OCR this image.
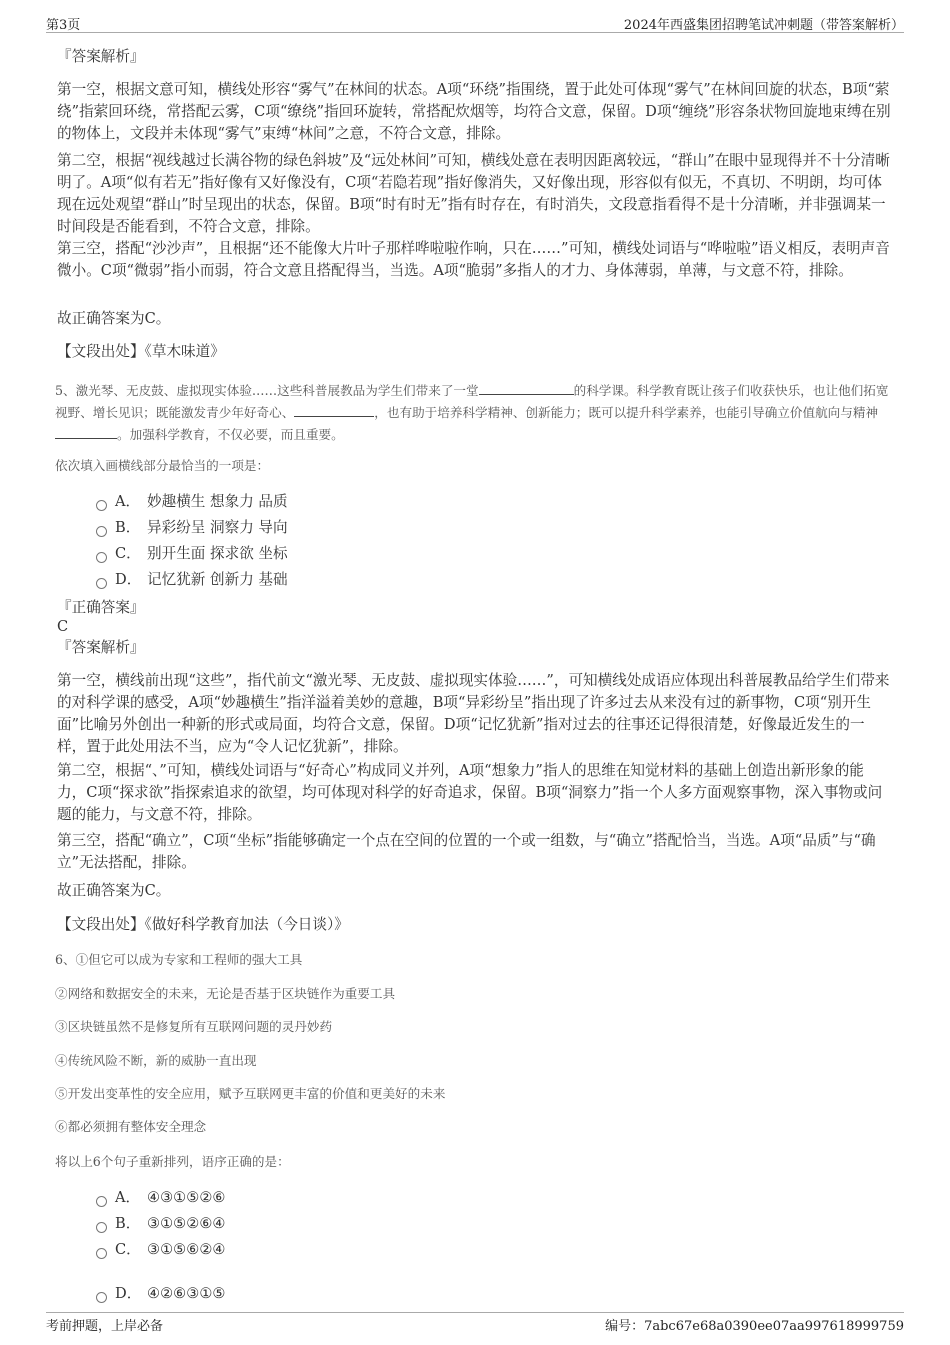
第3页	2024年西盛集团招聘笔试冲刺题（带答案解析）
『答案解析』
第一空，根据文意可知，横线处形容“雾气”在林间的状态。A项“环绕”指围绕，置于此处可体现“雾气”在林间回旋的状态，B项“萦绕”指萦回环绕，常搭配云雾，C项“缭绕”指回环旋转，常搭配炊烟等，均符合文意，保留。D项“缠绕”形容条状物回旋地束缚在别的物体上，文段并未体现“雾气”束缚“林间”之意，不符合文意，排除。
第二空，根据“视线越过长满谷物的绿色斜坡”及“远处林间”可知，横线处意在表明因距离较远，“群山”在眼中显现得并不十分清晰明了。A项“似有若无”指好像有又好像没有，C项“若隐若现”指好像消失，又好像出现，形容似有似无，不真切、不明朗，均可体现在远处观望“群山”时呈现出的状态，保留。B项“时有时无”指有时存在，有时消失，文段意指看得不是十分清晰，并非强调某一时间段是否能看到，不符合文意，排除。
第三空，搭配“沙沙声”，且根据“还不能像大片叶子那样哗啦啦作响，只在……”可知，横线处词语与“哗啦啦”语义相反，表明声音微小。C项“微弱”指小而弱，符合文意且搭配得当，当选。A项“脆弱”多指人的才力、身体薄弱，单薄，与文意不符，排除。
故正确答案为C。
【文段出处】《草木味道》
5、激光琴、无皮鼓、虚拟现实体验……这些科普展教品为学生们带来了一堂	的科学课。科学教育既让孩子们收获快乐，也让他们拓宽视野、增长见识；既能激发青少年好奇心、	，也有助于培养科学精神、创新能力；既可以提升科学素养，也能引导确立价值航向与精神。加强科学教育，不仅必要，而且重要。
依次填入画横线部分最恰当的一项是：
A． 妙趣横生 想象力 品质
B． 异彩纷呈 洞察力 导向
C． 别开生面 探求欲 坐标
D． 记忆犹新 创新力 基础
『正确答案』
C
『答案解析』
第一空，横线前出现“这些”，指代前文“激光琴、无皮鼓、虚拟现实体验……”，可知横线处成语应体现出科普展教品给学生们带来的对科学课的感受，A项“妙趣横生”指洋溢着美妙的意趣，B项“异彩纷呈”指出现了许多过去从来没有过的新事物，C项“别开生面”比喻另外创出一种新的形式或局面，均符合文意，保留。D项“记忆犹新”指对过去的往事还记得很清楚，好像最近发生的一样，置于此处用法不当，应为“令人记忆犹新”，排除。
第二空，根据“、”可知，横线处词语与“好奇心”构成同义并列，A项“想象力”指人的思维在知觉材料的基础上创造出新形象的能力，C项“探求欲”指探索追求的欲望，均可体现对科学的好奇追求，保留。B项“洞察力”指一个人多方面观察事物，深入事物或问题的能力，与文意不符，排除。
第三空，搭配“确立”，C项“坐标”指能够确定一个点在空间的位置的一个或一组数，与“确立”搭配恰当，当选。A项“品质”与“确立”无法搭配，排除。
故正确答案为C。
【文段出处】《做好科学教育加法（今日谈）》
6、①但它可以成为专家和工程师的强大工具
②网络和数据安全的未来，无论是否基于区块链作为重要工具
③区块链虽然不是修复所有互联网问题的灵丹妙药
④传统风险不断，新的威胁一直出现
⑤开发出变革性的安全应用，赋予互联网更丰富的价值和更美好的未来
⑥都必须拥有整体安全理念
将以上6个句子重新排列，语序正确的是：
A． ④③①⑤②⑥
B． ③①⑤②⑥④
C． ③①⑤⑥②④
D． ④②⑥③①⑤
考前押题，上岸必备	编号：7abc67e68a0390ee07aa997618999759
